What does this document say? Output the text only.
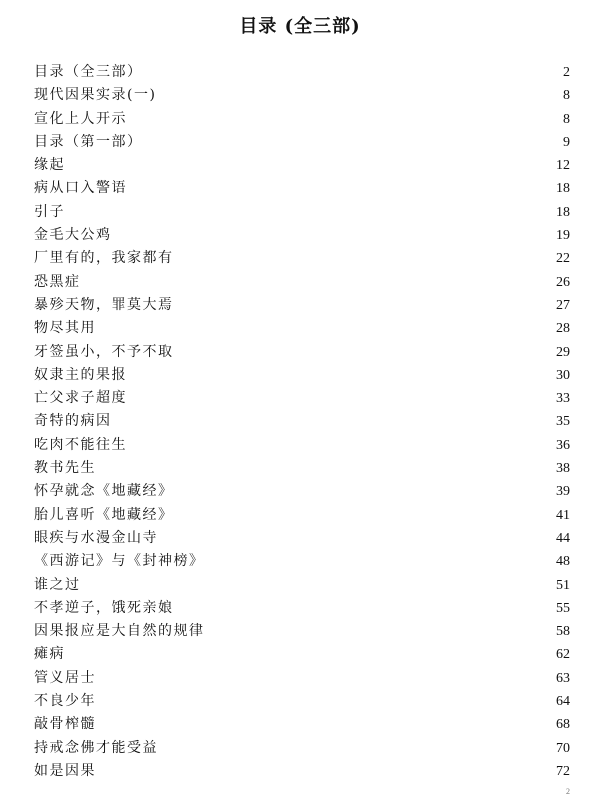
目录 (全三部)
目录（全三部）	2
现代因果实录(一)	8
宣化上人开示	8
目录（第一部）	9
缘起	12
病从口入警语	18
引子	18
金毛大公鸡	19
厂里有的，我家都有	22
恐黑症	26
暴殄天物，罪莫大焉	27
物尽其用	28
牙签虽小，不予不取	29
奴隶主的果报	30
亡父求子超度	33
奇特的病因	35
吃肉不能往生	36
教书先生	38
怀孕就念《地藏经》	39
胎儿喜听《地藏经》	41
眼疾与水漫金山寺	44
《西游记》与《封神榜》	48
谁之过	51
不孝逆子，饿死亲娘	55
因果报应是大自然的规律	58
瘫病	62
管义居士	63
不良少年	64
敲骨榨髓	68
持戒念佛才能受益	70
如是因果	72
2
